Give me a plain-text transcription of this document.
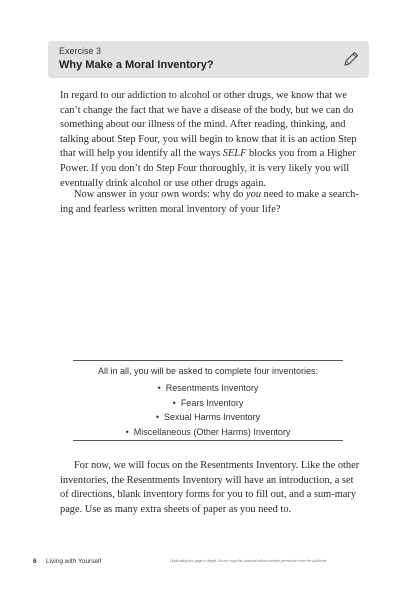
Exercise 3
Why Make a Moral Inventory?

In regard to our addiction to alcohol or other drugs, we know that we can’t change the fact that we have a disease of the body, but we can do something about our illness of the mind. After reading, thinking, and talking about Step Four, you will begin to know that it is an action Step that will help you identify all the ways SELF blocks you from a Higher Power. If you don’t do Step Four thoroughly, it is very likely you will eventually drink alcohol or use other drugs again.

Now answer in your own words: why do you need to make a search-ing and fearless written moral inventory of your life?

All in all, you will be asked to complete four inventories:
•  Resentments Inventory
•  Fears Inventory
•  Sexual Harms Inventory
•  Miscellaneous (Other Harms) Inventory

For now, we will focus on the Resentments Inventory. Like the other inventories, the Resentments Inventory will have an introduction, a set of directions, blank inventory forms for you to fill out, and a sum-mary page. Use as many extra sheets of paper as you need to.

6 Living with Yourself	Duplicating this page is illegal. Do not copy this material without written permission from the publisher.
